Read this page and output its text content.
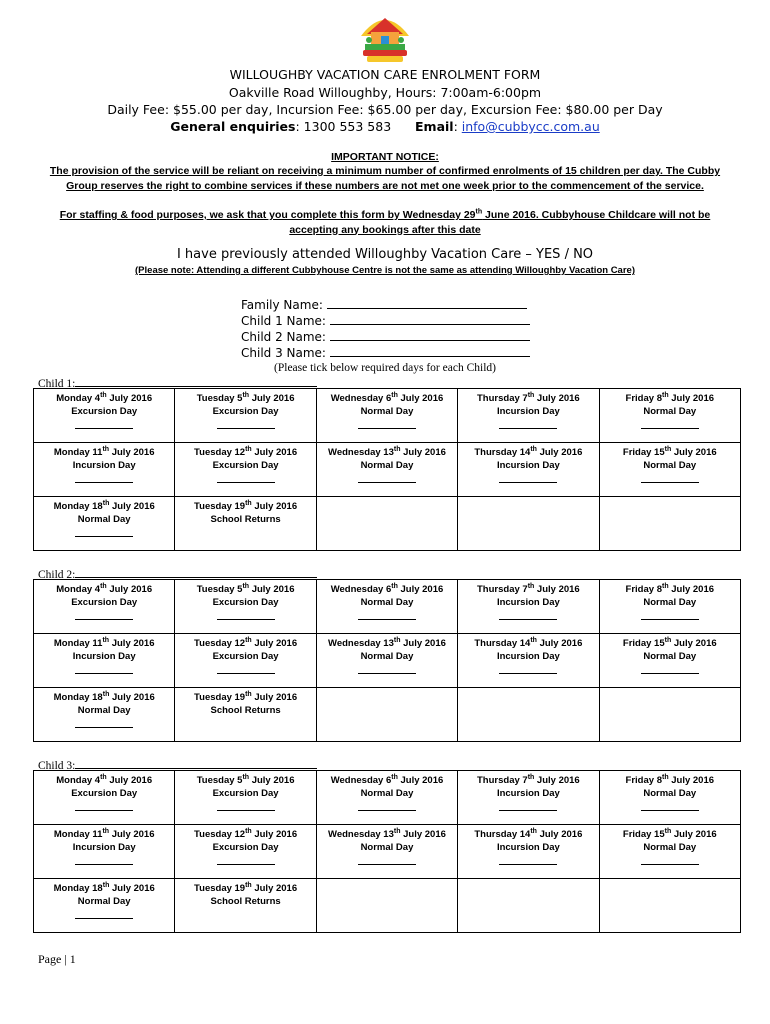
WILLOUGHBY VACATION CARE ENROLMENT FORM
Oakville Road Willoughby, Hours: 7:00am-6:00pm
Daily Fee: $55.00 per day, Incursion Fee: $65.00 per day, Excursion Fee: $80.00 per Day
General enquiries: 1300 553 583 Email: info@cubbycc.com.au
IMPORTANT NOTICE:
The provision of the service will be reliant on receiving a minimum number of confirmed enrolments of 15 children per day. The Cubby Group reserves the right to combine services if these numbers are not met one week prior to the commencement of the service.
For staffing & food purposes, we ask that you complete this form by Wednesday 29th June 2016. Cubbyhouse Childcare will not be accepting any bookings after this date
I have previously attended Willoughby Vacation Care – YES / NO
(Please note: Attending a different Cubbyhouse Centre is not the same as attending Willoughby Vacation Care)
Family Name:
Child 1 Name:
Child 2 Name:
Child 3 Name:
(Please tick below required days for each Child)
Child 1:
Monday 4th July 2016
Excursion Day	Tuesday 5th July 2016
Excursion Day	Wednesday 6th July 2016
Normal Day	Thursday 7th July 2016
Incursion Day	Friday 8th July 2016
Normal Day

Monday 11th July 2016
Incursion Day	Tuesday 12th July 2016
Excursion Day	Wednesday 13th July 2016
Normal Day	Thursday 14th July 2016
Incursion Day	Friday 15th July 2016
Normal Day

Monday 18th July 2016
Normal Day	Tuesday 19th July 2016
School Returns			

Child 2:
Monday 4th July 2016
Excursion Day	Tuesday 5th July 2016
Excursion Day	Wednesday 6th July 2016
Normal Day	Thursday 7th July 2016
Incursion Day	Friday 8th July 2016
Normal Day

Monday 11th July 2016
Incursion Day	Tuesday 12th July 2016
Excursion Day	Wednesday 13th July 2016
Normal Day	Thursday 14th July 2016
Incursion Day	Friday 15th July 2016
Normal Day

Monday 18th July 2016
Normal Day	Tuesday 19th July 2016
School Returns			

Child 3:
Monday 4th July 2016
Excursion Day	Tuesday 5th July 2016
Excursion Day	Wednesday 6th July 2016
Normal Day	Thursday 7th July 2016
Incursion Day	Friday 8th July 2016
Normal Day

Monday 11th July 2016
Incursion Day	Tuesday 12th July 2016
Excursion Day	Wednesday 13th July 2016
Normal Day	Thursday 14th July 2016
Incursion Day	Friday 15th July 2016
Normal Day

Monday 18th July 2016
Normal Day	Tuesday 19th July 2016
School Returns			

Page | 1
